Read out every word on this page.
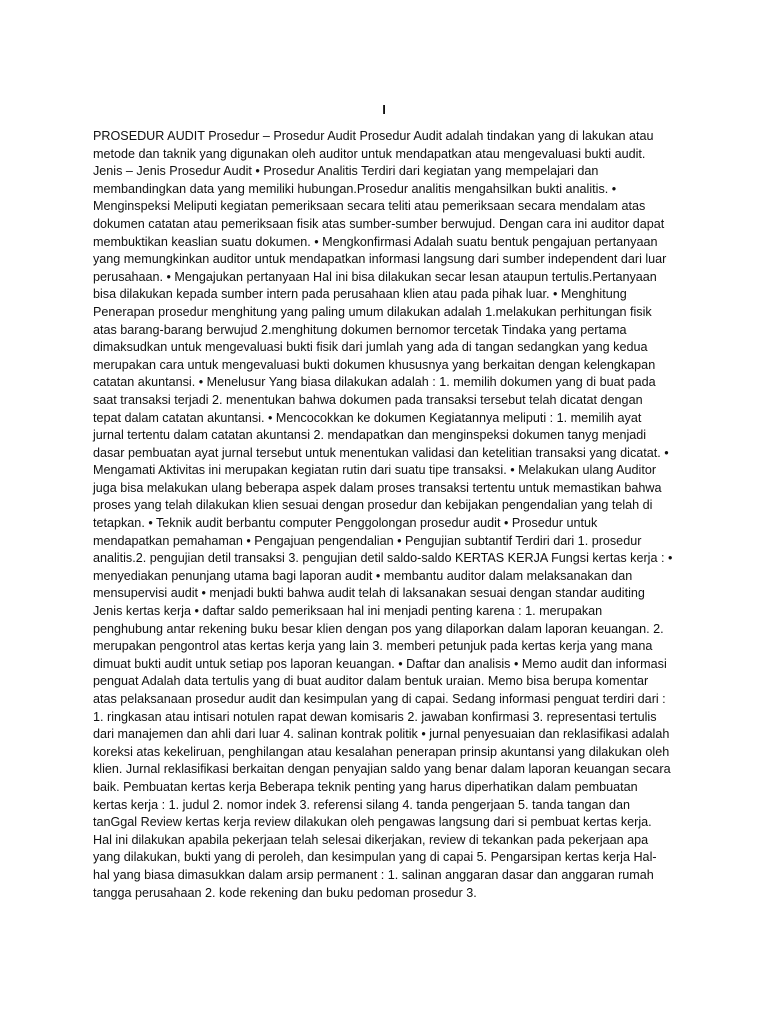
I

PROSEDUR AUDIT Prosedur – Prosedur Audit Prosedur Audit adalah tindakan yang di lakukan atau metode dan taknik yang digunakan oleh auditor untuk mendapatkan atau mengevaluasi bukti audit. Jenis – Jenis Prosedur Audit • Prosedur Analitis Terdiri dari kegiatan yang mempelajari dan membandingkan data yang memiliki hubungan.Prosedur analitis mengahsilkan bukti analitis. • Menginspeksi Meliputi kegiatan pemeriksaan secara teliti atau pemeriksaan secara mendalam atas dokumen catatan atau pemeriksaan fisik atas sumber-sumber berwujud. Dengan cara ini auditor dapat membuktikan keaslian suatu dokumen. • Mengkonfirmasi Adalah suatu bentuk pengajuan pertanyaan yang memungkinkan auditor untuk mendapatkan informasi langsung dari sumber independent dari luar perusahaan. • Mengajukan pertanyaan Hal ini bisa dilakukan secar lesan ataupun tertulis.Pertanyaan bisa dilakukan kepada sumber intern pada perusahaan klien atau pada pihak luar. • Menghitung Penerapan prosedur menghitung yang paling umum dilakukan adalah 1.melakukan perhitungan fisik atas barang-barang berwujud 2.menghitung dokumen bernomor tercetak Tindaka yang pertama dimaksudkan untuk mengevaluasi bukti fisik dari jumlah yang ada di tangan sedangkan yang kedua merupakan cara untuk mengevaluasi bukti dokumen khususnya yang berkaitan dengan kelengkapan catatan akuntansi. • Menelusur Yang biasa dilakukan adalah : 1. memilih dokumen yang di buat pada saat transaksi terjadi 2. menentukan bahwa dokumen pada transaksi tersebut telah dicatat dengan tepat dalam catatan akuntansi. • Mencocokkan ke dokumen Kegiatannya meliputi : 1. memilih ayat jurnal tertentu dalam catatan akuntansi 2. mendapatkan dan menginspeksi dokumen tanyg menjadi dasar pembuatan ayat jurnal tersebut untuk menentukan validasi dan ketelitian transaksi yang dicatat. • Mengamati Aktivitas ini merupakan kegiatan rutin dari suatu tipe transaksi. • Melakukan ulang Auditor juga bisa melakukan ulang beberapa aspek dalam proses transaksi tertentu untuk memastikan bahwa proses yang telah dilakukan klien sesuai dengan prosedur dan kebijakan pengendalian yang telah di tetapkan. • Teknik audit berbantu computer Penggolongan prosedur audit • Prosedur untuk mendapatkan pemahaman • Pengajuan pengendalian • Pengujian subtantif Terdiri dari 1. prosedur analitis.2. pengujian detil transaksi 3. pengujian detil saldo-saldo KERTAS KERJA Fungsi kertas kerja : • menyediakan penunjang utama bagi laporan audit • membantu auditor dalam melaksanakan dan mensupervisi audit • menjadi bukti bahwa audit telah di laksanakan sesuai dengan standar auditing Jenis kertas kerja • daftar saldo pemeriksaan hal ini menjadi penting karena : 1. merupakan penghubung antar rekening buku besar klien dengan pos yang dilaporkan dalam laporan keuangan. 2. merupakan pengontrol atas kertas kerja yang lain 3. memberi petunjuk pada kertas kerja yang mana dimuat bukti audit untuk setiap pos laporan keuangan. • Daftar dan analisis • Memo audit dan informasi penguat Adalah data tertulis yang di buat auditor dalam bentuk uraian. Memo bisa berupa komentar atas pelaksanaan prosedur audit dan kesimpulan yang di capai. Sedang informasi penguat terdiri dari : 1. ringkasan atau intisari notulen rapat dewan komisaris 2. jawaban konfirmasi 3. representasi tertulis dari manajemen dan ahli dari luar 4. salinan kontrak politik • jurnal penyesuaian dan reklasifikasi adalah koreksi atas kekeliruan, penghilangan atau kesalahan penerapan prinsip akuntansi yang dilakukan oleh klien. Jurnal reklasifikasi berkaitan dengan penyajian saldo yang benar dalam laporan keuangan secara baik. Pembuatan kertas kerja Beberapa teknik penting yang harus diperhatikan dalam pembuatan kertas kerja : 1. judul 2. nomor indek 3. referensi silang 4. tanda pengerjaan 5. tanda tangan dan tanGgal Review kertas kerja review dilakukan oleh pengawas langsung dari si pembuat kertas kerja. Hal ini dilakukan apabila pekerjaan telah selesai dikerjakan, review di tekankan pada pekerjaan apa yang dilakukan, bukti yang di peroleh, dan kesimpulan yang di capai 5. Pengarsipan kertas kerja Hal-hal yang biasa dimasukkan dalam arsip permanent : 1. salinan anggaran dasar dan anggaran rumah tangga perusahaan 2. kode rekening dan buku pedoman prosedur 3.
